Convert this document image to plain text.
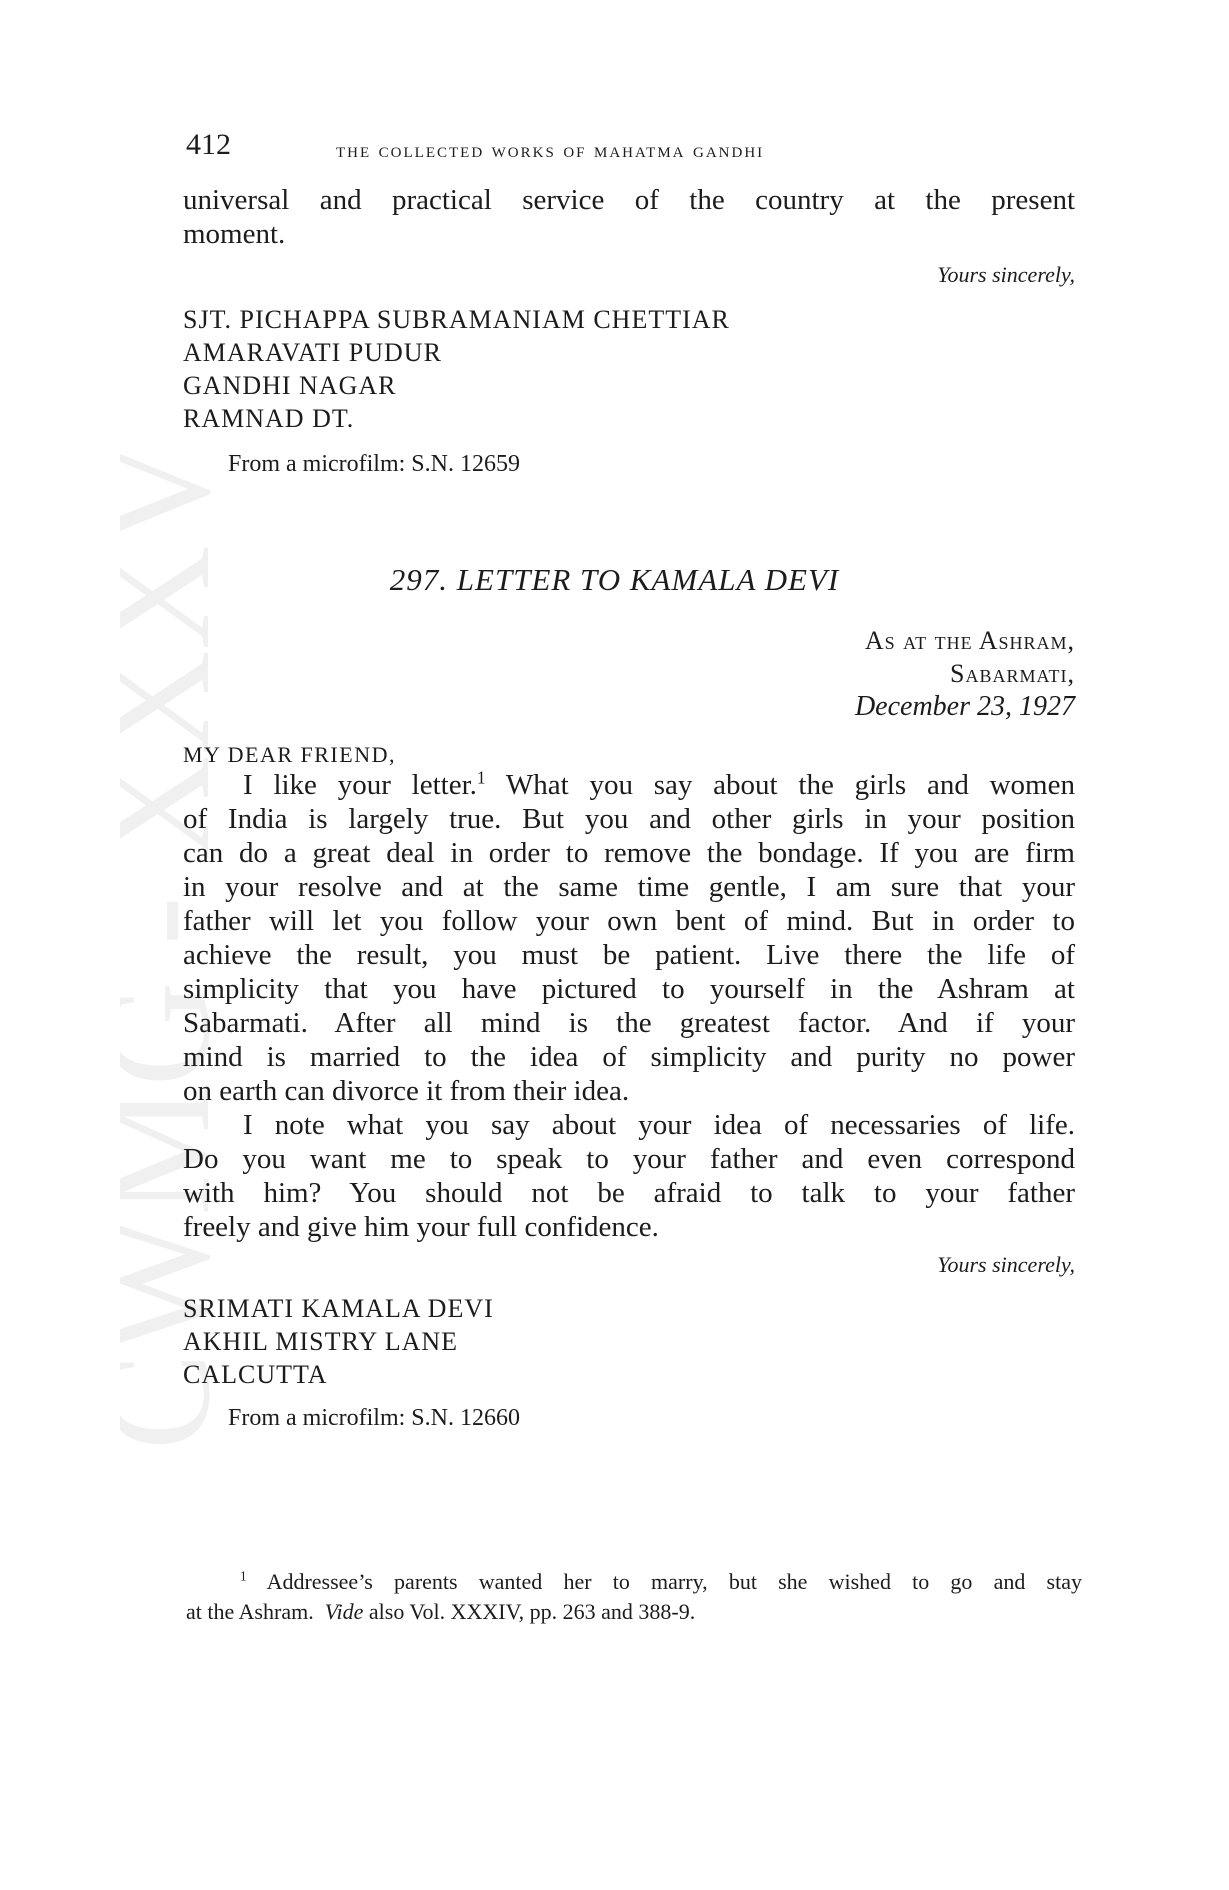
CWMG XXXV
412	the collected works of mahatma gandhi
universal and practical service of the country at the present
moment.
Yours sincerely,
SJT. PICHAPPA SUBRAMANIAM CHETTIAR
AMARAVATI PUDUR
GANDHI NAGAR
RAMNAD DT.
From a microfilm: S.N. 12659
297. LETTER TO KAMALA DEVI
As at the Ashram,
Sabarmati,
December 23, 1927
MY DEAR FRIEND,
I like your letter.$^1$ What you say about the girls and women
of India is largely true. But you and other girls in your position
can do a great deal in order to remove the bondage. If you are firm
in your resolve and at the same time gentle, I am sure that your
father will let you follow your own bent of mind. But in order to
achieve the result, you must be patient. Live there the life of
simplicity that you have pictured to yourself in the Ashram at
Sabarmati. After all mind is the greatest factor. And if your
mind is married to the idea of simplicity and purity no power
on earth can divorce it from their idea.
I note what you say about your idea of necessaries of life.
Do you want me to speak to your father and even correspond
with him? You should not be afraid to talk to your father
freely and give him your full confidence.
Yours sincerely,
SRIMATI KAMALA DEVI
AKHIL MISTRY LANE
CALCUTTA
From a microfilm: S.N. 12660
$^1$ Addressee’s parents wanted her to marry, but she wished to go and stay
at the Ashram. Vide also Vol. XXXIV, pp. 263 and 388-9.
